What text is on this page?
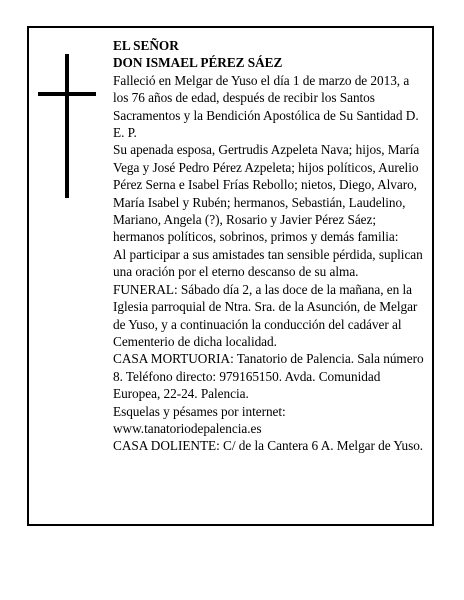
EL SEÑOR

DON ISMAEL PÉREZ SÁEZ

Falleció en Melgar de Yuso el día 1 de marzo de 2013, a los 76 años de edad, después de recibir los Santos Sacramentos y la Bendición Apostólica de Su Santidad D. E. P.

Su apenada esposa, Gertrudis Azpeleta Nava; hijos, María Vega y José Pedro Pérez Azpeleta; hijos políticos, Aurelio Pérez Serna e Isabel Frías Rebollo; nietos, Diego, Alvaro, María Isabel y Rubén; hermanos, Sebastián, Laudelino, Mariano, Angela (?), Rosario y Javier Pérez Sáez; hermanos políticos, sobrinos, primos y demás familia:

Al participar a sus amistades tan sensible pérdida, suplican una oración por el eterno descanso de su alma.

FUNERAL: Sábado día 2, a las doce de la mañana, en la Iglesia parroquial de Ntra. Sra. de la Asunción, de Melgar de Yuso, y a continuación la conducción del cadáver al Cementerio de dicha localidad.

CASA MORTUORIA: Tanatorio de Palencia. Sala número 8. Teléfono directo: 979165150. Avda. Comunidad Europea, 22-24. Palencia.

Esquelas y pésames por internet: www.tanatoriodepalencia.es

CASA DOLIENTE: C/ de la Cantera 6 A. Melgar de Yuso.
